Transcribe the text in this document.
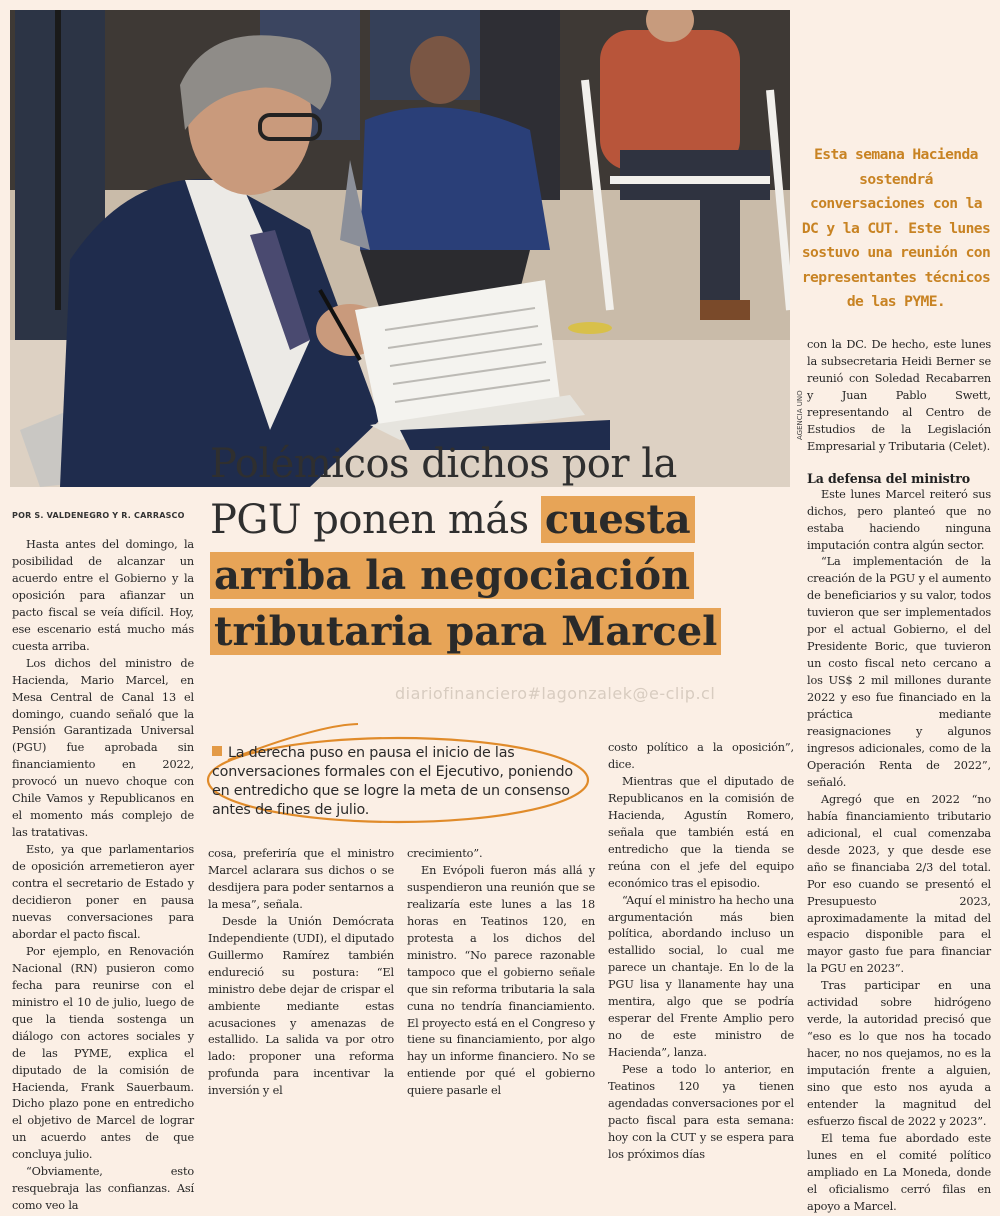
AGENCIA UNO
Esta semana Hacienda sostendrá conversaciones con la DC y la CUT. Este lunes sostuvo una reunión con representantes técnicos de las PYME.
Polémicos dichos por la PGU ponen más cuesta arriba la negociación tributaria para Marcel
POR S. VALDENEGRO Y R. CARRASCO
diariofinanciero#lagonzalek@e-clip.cl
La derecha puso en pausa el inicio de las conversaciones formales con el Ejecutivo, poniendo en entredicho que se logre la meta de un consenso antes de fines de julio.

Hasta antes del domingo, la posibilidad de alcanzar un acuerdo entre el Gobierno y la oposición para afianzar un pacto fiscal se veía difícil. Hoy, ese escenario está mucho más cuesta arriba.

Los dichos del ministro de Hacienda, Mario Marcel, en Mesa Central de Canal 13 el domingo, cuando señaló que la Pensión Garantizada Universal (PGU) fue aprobada sin financiamiento en 2022, provocó un nuevo choque con Chile Vamos y Republicanos en el momento más complejo de las tratativas.

Esto, ya que parlamentarios de oposición arremetieron ayer contra el secretario de Estado y decidieron poner en pausa nuevas conversaciones para abordar el pacto fiscal.

Por ejemplo, en Renovación Nacional (RN) pusieron como fecha para reunirse con el ministro el 10 de julio, luego de que la tienda sostenga un diálogo con actores sociales y de las PYME, explica el diputado de la comisión de Hacienda, Frank Sauerbaum. Dicho plazo pone en entredicho el objetivo de Marcel de lograr un acuerdo antes de que concluya julio.

“Obviamente, esto resquebraja las confianzas. Así como veo la

cosa, preferiría que el ministro Marcel aclarara sus dichos o se desdijera para poder sentarnos a la mesa”, señala.

Desde la Unión Demócrata Independiente (UDI), el diputado Guillermo Ramírez también endureció su postura: “El ministro debe dejar de crispar el ambiente mediante estas acusaciones y amenazas de estallido. La salida va por otro lado: proponer una reforma profunda para incentivar la inversión y el

crecimiento”.

En Evópoli fueron más allá y suspendieron una reunión que se realizaría este lunes a las 18 horas en Teatinos 120, en protesta a los dichos del ministro. “No parece razonable tampoco que el gobierno señale que sin reforma tributaria la sala cuna no tendría financiamiento. El proyecto está en el Congreso y tiene su financiamiento, por algo hay un informe financiero. No se entiende por qué el gobierno quiere pasarle el

costo político a la oposición”, dice.

Mientras que el diputado de Republicanos en la comisión de Hacienda, Agustín Romero, señala que también está en entredicho que la tienda se reúna con el jefe del equipo económico tras el episodio.

“Aquí el ministro ha hecho una argumentación más bien política, abordando incluso un estallido social, lo cual me parece un chantaje. En lo de la PGU lisa y llanamente hay una mentira, algo que se podría esperar del Frente Amplio pero no de este ministro de Hacienda”, lanza.

Pese a todo lo anterior, en Teatinos 120 ya tienen agendadas conversaciones por el pacto fiscal para esta semana: hoy con la CUT y se espera para los próximos días

con la DC. De hecho, este lunes la subsecretaria Heidi Berner se reunió con Soledad Recabarren y Juan Pablo Swett, representando al Centro de Estudios de la Legislación Empresarial y Tributaria (Celet).

La defensa del ministro

Este lunes Marcel reiteró sus dichos, pero planteó que no estaba haciendo ninguna imputación contra algún sector.

“La implementación de la creación de la PGU y el aumento de beneficiarios y su valor, todos tuvieron que ser implementados por el actual Gobierno, el del Presidente Boric, que tuvieron un costo fiscal neto cercano a los US$ 2 mil millones durante 2022 y eso fue financiado en la práctica mediante reasignaciones y algunos ingresos adicionales, como de la Operación Renta de 2022”, señaló.

Agregó que en 2022 “no había financiamiento tributario adicional, el cual comenzaba desde 2023, y que desde ese año se financiaba 2/3 del total. Por eso cuando se presentó el Presupuesto 2023, aproximadamente la mitad del espacio disponible para el mayor gasto fue para financiar la PGU en 2023”.

Tras participar en una actividad sobre hidrógeno verde, la autoridad precisó que “eso es lo que nos ha tocado hacer, no nos quejamos, no es la imputación frente a alguien, sino que esto nos ayuda a entender la magnitud del esfuerzo fiscal de 2022 y 2023”.

El tema fue abordado este lunes en el comité político ampliado en La Moneda, donde el oficialismo cerró filas en apoyo a Marcel.
